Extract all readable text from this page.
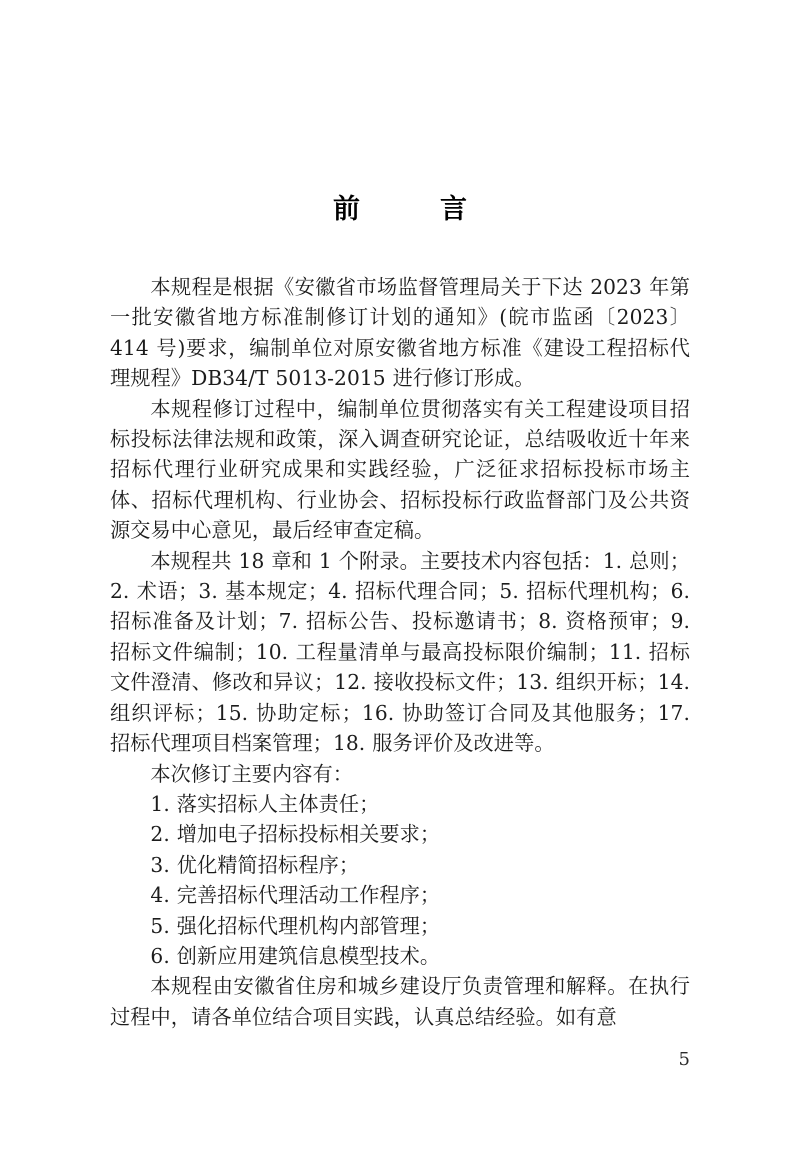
前　　言

本规程是根据《安徽省市场监督管理局关于下达 2023 年第一批安徽省地方标准制修订计划的通知》(皖市监函〔2023〕414 号)要求，编制单位对原安徽省地方标准《建设工程招标代理规程》DB34/T 5013-2015 进行修订形成。

本规程修订过程中，编制单位贯彻落实有关工程建设项目招标投标法律法规和政策，深入调查研究论证，总结吸收近十年来招标代理行业研究成果和实践经验，广泛征求招标投标市场主体、招标代理机构、行业协会、招标投标行政监督部门及公共资源交易中心意见，最后经审查定稿。

本规程共 18 章和 1 个附录。主要技术内容包括：1. 总则；2. 术语；3. 基本规定；4. 招标代理合同；5. 招标代理机构；6. 招标准备及计划；7. 招标公告、投标邀请书；8. 资格预审；9. 招标文件编制；10. 工程量清单与最高投标限价编制；11. 招标文件澄清、修改和异议；12. 接收投标文件；13. 组织开标；14. 组织评标；15. 协助定标；16. 协助签订合同及其他服务；17. 招标代理项目档案管理；18. 服务评价及改进等。

本次修订主要内容有：

1. 落实招标人主体责任；

2. 增加电子招标投标相关要求；

3. 优化精简招标程序；

4. 完善招标代理活动工作程序；

5. 强化招标代理机构内部管理；

6. 创新应用建筑信息模型技术。

本规程由安徽省住房和城乡建设厅负责管理和解释。在执行过程中，请各单位结合项目实践，认真总结经验。如有意

5
